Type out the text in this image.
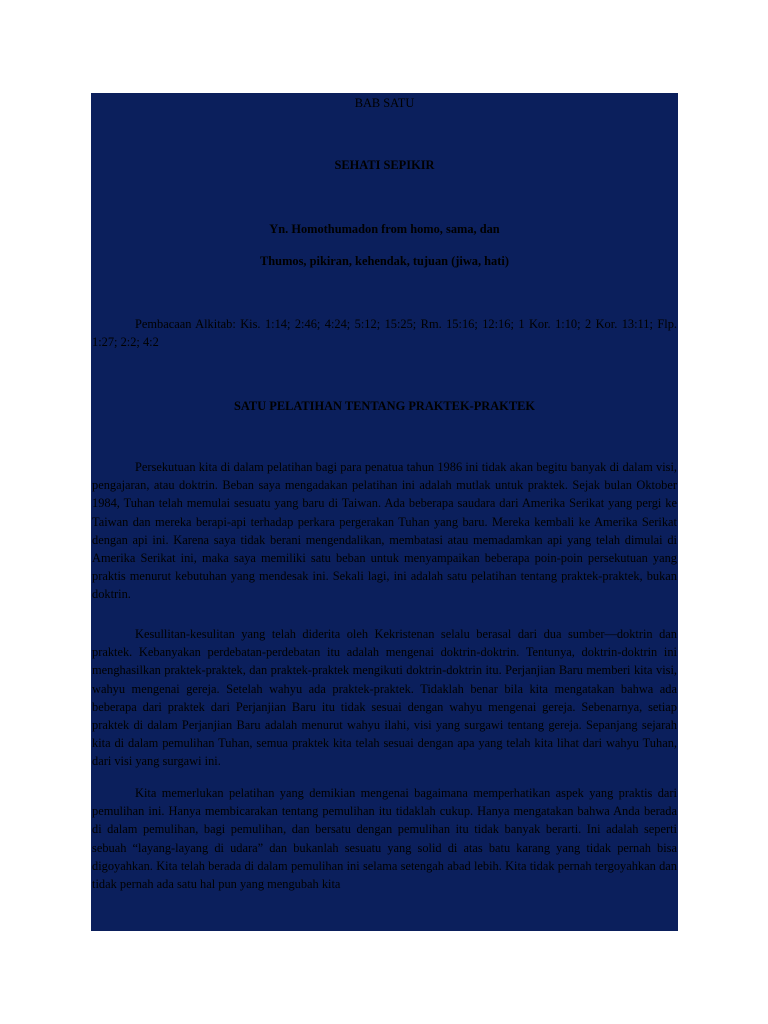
BAB SATU
SEHATI SEPIKIR
Yn. Homothumadon from homo, sama, dan
Thumos, pikiran, kehendak, tujuan (jiwa, hati)

Pembacaan Alkitab: Kis. 1:14; 2:46; 4:24; 5:12; 15:25; Rm. 15:16; 12:16; 1 Kor. 1:10; 2 Kor. 13:11; Flp. 1:27; 2:2; 4:2

SATU PELATIHAN TENTANG PRAKTEK-PRAKTEK

Persekutuan kita di dalam pelatihan bagi para penatua tahun 1986 ini tidak akan begitu banyak di dalam visi, pengajaran, atau doktrin. Beban saya mengadakan pelatihan ini adalah mutlak untuk praktek. Sejak bulan Oktober 1984, Tuhan telah memulai sesuatu yang baru di Taiwan. Ada beberapa saudara dari Amerika Serikat yang pergi ke Taiwan dan mereka berapi-api terhadap perkara pergerakan Tuhan yang baru. Mereka kembali ke Amerika Serikat dengan api ini. Karena saya tidak berani mengendalikan, membatasi atau memadamkan api yang telah dimulai di Amerika Serikat ini, maka saya memiliki satu beban untuk menyampaikan beberapa poin-poin persekutuan yang praktis menurut kebutuhan yang mendesak ini. Sekali lagi, ini adalah satu pelatihan tentang praktek-praktek, bukan doktrin.

Kesullitan-kesulitan yang telah diderita oleh Kekristenan selalu berasal dari dua sumber—doktrin dan praktek. Kebanyakan perdebatan-perdebatan itu adalah mengenai doktrin-doktrin. Tentunya, doktrin-doktrin ini menghasilkan praktek-praktek, dan praktek-praktek mengikuti doktrin-doktrin itu. Perjanjian Baru memberi kita visi, wahyu mengenai gereja. Setelah wahyu ada praktek-praktek. Tidaklah benar bila kita mengatakan bahwa ada beberapa dari praktek dari Perjanjian Baru itu tidak sesuai dengan wahyu mengenai gereja. Sebenarnya, setiap praktek di dalam Perjanjian Baru adalah menurut wahyu ilahi, visi yang surgawi tentang gereja. Sepanjang sejarah kita di dalam pemulihan Tuhan, semua praktek kita telah sesuai dengan apa yang telah kita lihat dari wahyu Tuhan, dari visi yang surgawi ini.

Kita memerlukan pelatihan yang demikian mengenai bagaimana memperhatikan aspek yang praktis dari pemulihan ini. Hanya membicarakan tentang pemulihan itu tidaklah cukup. Hanya mengatakan bahwa Anda berada di dalam pemulihan, bagi pemulihan, dan bersatu dengan pemulihan itu tidak banyak berarti. Ini adalah seperti sebuah “layang-layang di udara” dan bukanlah sesuatu yang solid di atas batu karang yang tidak pernah bisa digoyahkan. Kita telah berada di dalam pemulihan ini selama setengah abad lebih. Kita tidak pernah tergoyahkan dan tidak pernah ada satu hal pun yang mengubah kita
